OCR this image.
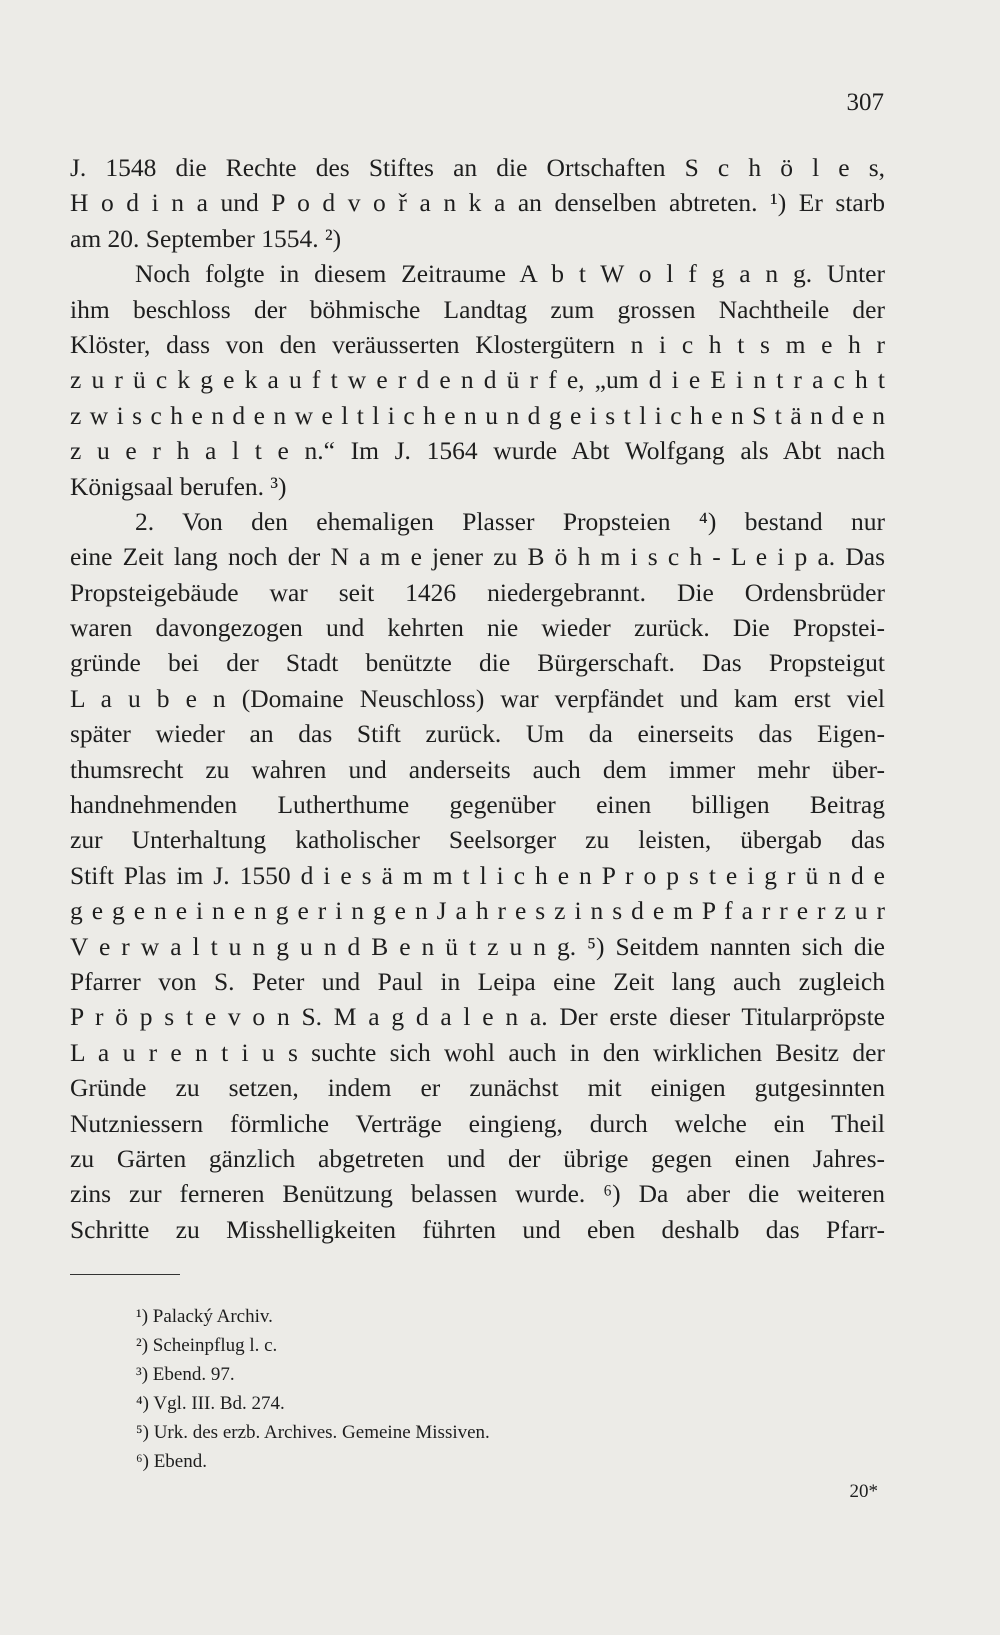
307
J. 1548 die Rechte des Stiftes an die Ortschaften S c h ö l e s,
H o d i n a und P o d v o ř a n k a an denselben abtreten. ¹) Er starb
am 20. September 1554. ²)
Noch folgte in diesem Zeitraume A b t W o l f g a n g. Unter
ihm beschloss der böhmische Landtag zum grossen Nachtheile der
Klöster, dass von den veräusserten Klostergütern n i c h t s m e h r
z u r ü c k g e k a u f t w e r d e n d ü r f e, „um d i e E i n t r a c h t
z w i s c h e n d e n w e l t l i c h e n u n d g e i s t l i c h e n S t ä n d e n
z u e r h a l t e n.“ Im J. 1564 wurde Abt Wolfgang als Abt nach
Königsaal berufen. ³)
2. Von den ehemaligen Plasser Propsteien ⁴) bestand nur
eine Zeit lang noch der N a m e jener zu B ö h m i s c h - L e i p a. Das
Propsteigebäude war seit 1426 niedergebrannt. Die Ordensbrüder
waren davongezogen und kehrten nie wieder zurück. Die Propstei-
gründe bei der Stadt benützte die Bürgerschaft. Das Propsteigut
L a u b e n (Domaine Neuschloss) war verpfändet und kam erst viel
später wieder an das Stift zurück. Um da einerseits das Eigen-
thumsrecht zu wahren und anderseits auch dem immer mehr über-
handnehmenden Lutherthume gegenüber einen billigen Beitrag
zur Unterhaltung katholischer Seelsorger zu leisten, übergab das
Stift Plas im J. 1550 d i e s ä m m t l i c h e n P r o p s t e i g r ü n d e
g e g e n e i n e n g e r i n g e n J a h r e s z i n s d e m P f a r r e r z u r
V e r w a l t u n g u n d B e n ü t z u n g. ⁵) Seitdem nannten sich die
Pfarrer von S. Peter und Paul in Leipa eine Zeit lang auch zugleich
P r ö p s t e v o n S. M a g d a l e n a. Der erste dieser Titularpröpste
L a u r e n t i u s suchte sich wohl auch in den wirklichen Besitz der
Gründe zu setzen, indem er zunächst mit einigen gutgesinnten
Nutzniessern förmliche Verträge eingieng, durch welche ein Theil
zu Gärten gänzlich abgetreten und der übrige gegen einen Jahres-
zins zur ferneren Benützung belassen wurde. ⁶) Da aber die weiteren
Schritte zu Misshelligkeiten führten und eben deshalb das Pfarr-
¹) Palacký Archiv.
²) Scheinpflug l. c.
³) Ebend. 97.
⁴) Vgl. III. Bd. 274.
⁵) Urk. des erzb. Archives. Gemeine Missiven.
⁶) Ebend.
20*
